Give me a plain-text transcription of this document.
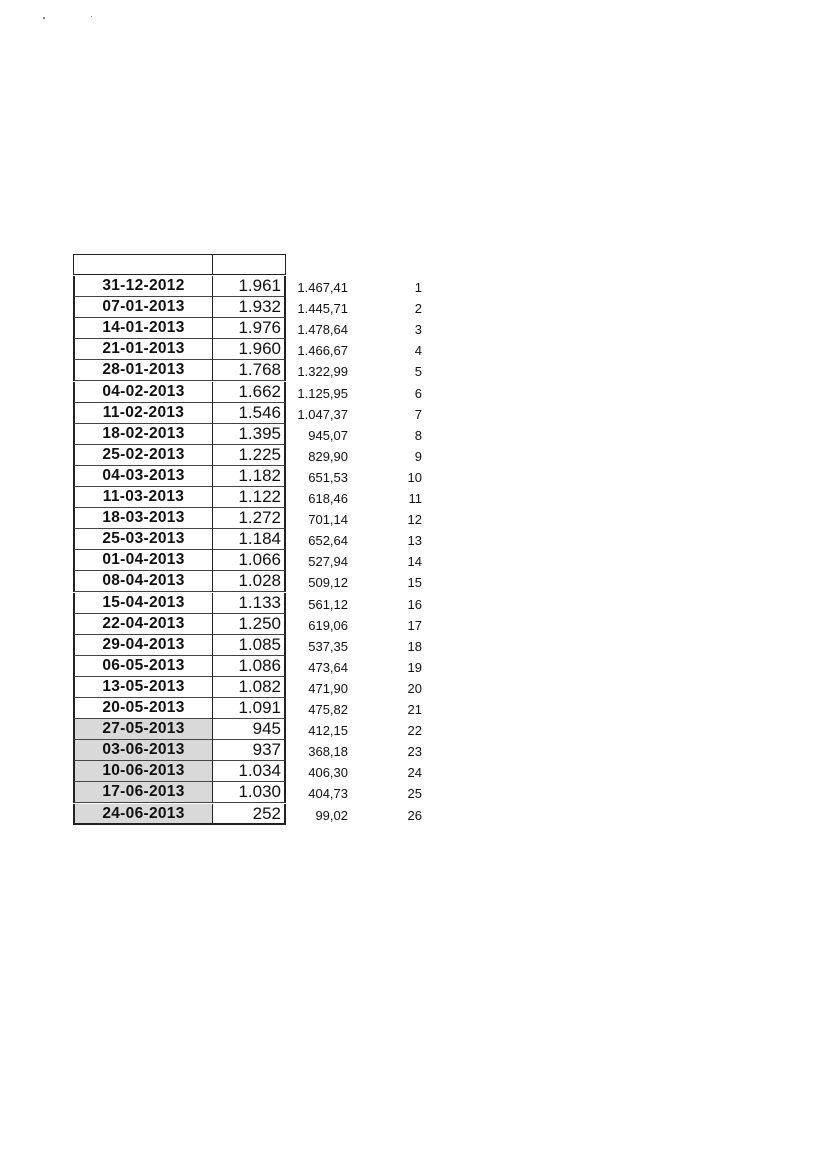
31-12-2012	1.961	1.467,41	1
07-01-2013	1.932	1.445,71	2
14-01-2013	1.976	1.478,64	3
21-01-2013	1.960	1.466,67	4
28-01-2013	1.768	1.322,99	5
04-02-2013	1.662	1.125,95	6
11-02-2013	1.546	1.047,37	7
18-02-2013	1.395	945,07	8
25-02-2013	1.225	829,90	9
04-03-2013	1.182	651,53	10
11-03-2013	1.122	618,46	11
18-03-2013	1.272	701,14	12
25-03-2013	1.184	652,64	13
01-04-2013	1.066	527,94	14
08-04-2013	1.028	509,12	15
15-04-2013	1.133	561,12	16
22-04-2013	1.250	619,06	17
29-04-2013	1.085	537,35	18
06-05-2013	1.086	473,64	19
13-05-2013	1.082	471,90	20
20-05-2013	1.091	475,82	21
27-05-2013	945	412,15	22
03-06-2013	937	368,18	23
10-06-2013	1.034	406,30	24
17-06-2013	1.030	404,73	25
24-06-2013	252	99,02	26
